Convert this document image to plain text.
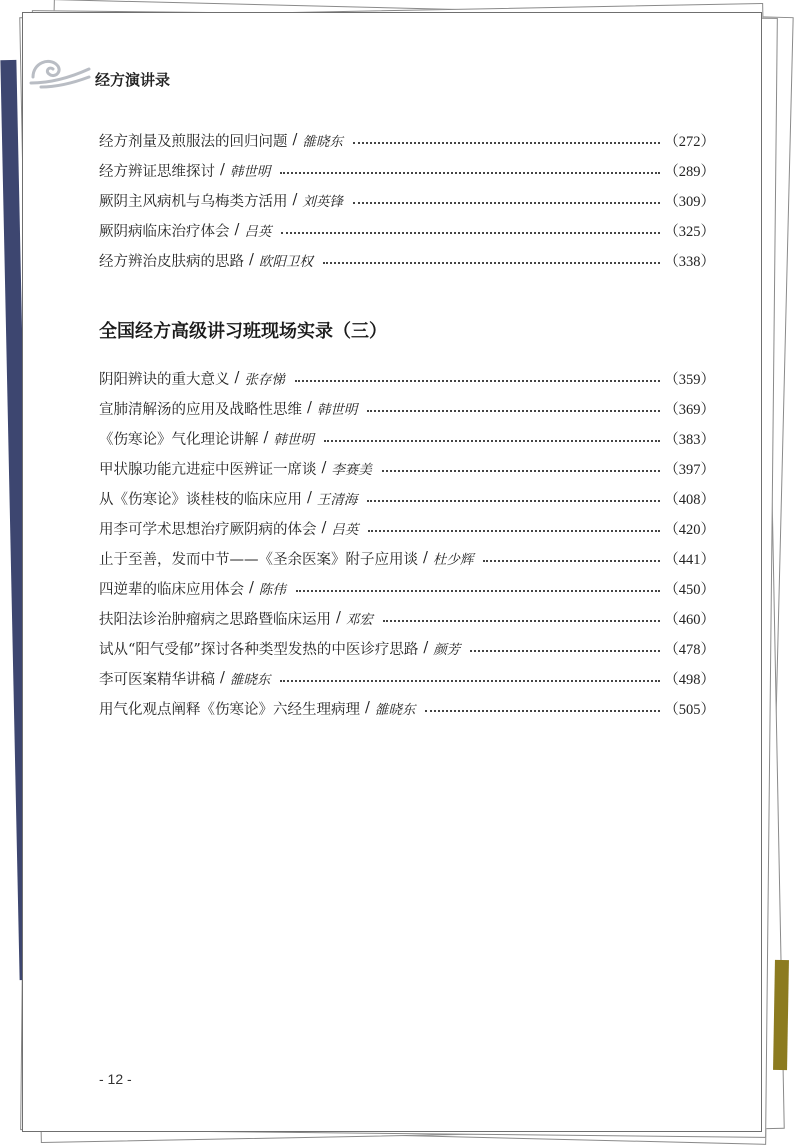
经方演讲录
经方剂量及煎服法的回归问题 / 雒晓东	（272）
经方辨证思维探讨 / 韩世明	（289）
厥阴主风病机与乌梅类方活用 / 刘英锋	（309）
厥阴病临床治疗体会 / 吕英	（325）
经方辨治皮肤病的思路 / 欧阳卫权	（338）
全国经方高级讲习班现场实录（三）
阴阳辨诀的重大意义 / 张存悌	（359）
宣肺清解汤的应用及战略性思维 / 韩世明	（369）
《伤寒论》气化理论讲解 / 韩世明	（383）
甲状腺功能亢进症中医辨证一席谈 / 李赛美	（397）
从《伤寒论》谈桂枝的临床应用 / 王清海	（408）
用李可学术思想治疗厥阴病的体会 / 吕英	（420）
止于至善，发而中节——《圣余医案》附子应用谈 / 杜少辉	（441）
四逆辈的临床应用体会 / 陈伟	（450）
扶阳法诊治肿瘤病之思路暨临床运用 / 邓宏	（460）
试从“阳气受郁”探讨各种类型发热的中医诊疗思路 / 颜芳	（478）
李可医案精华讲稿 / 雒晓东	（498）
用气化观点阐释《伤寒论》六经生理病理 / 雒晓东	（505）
- 12 -
